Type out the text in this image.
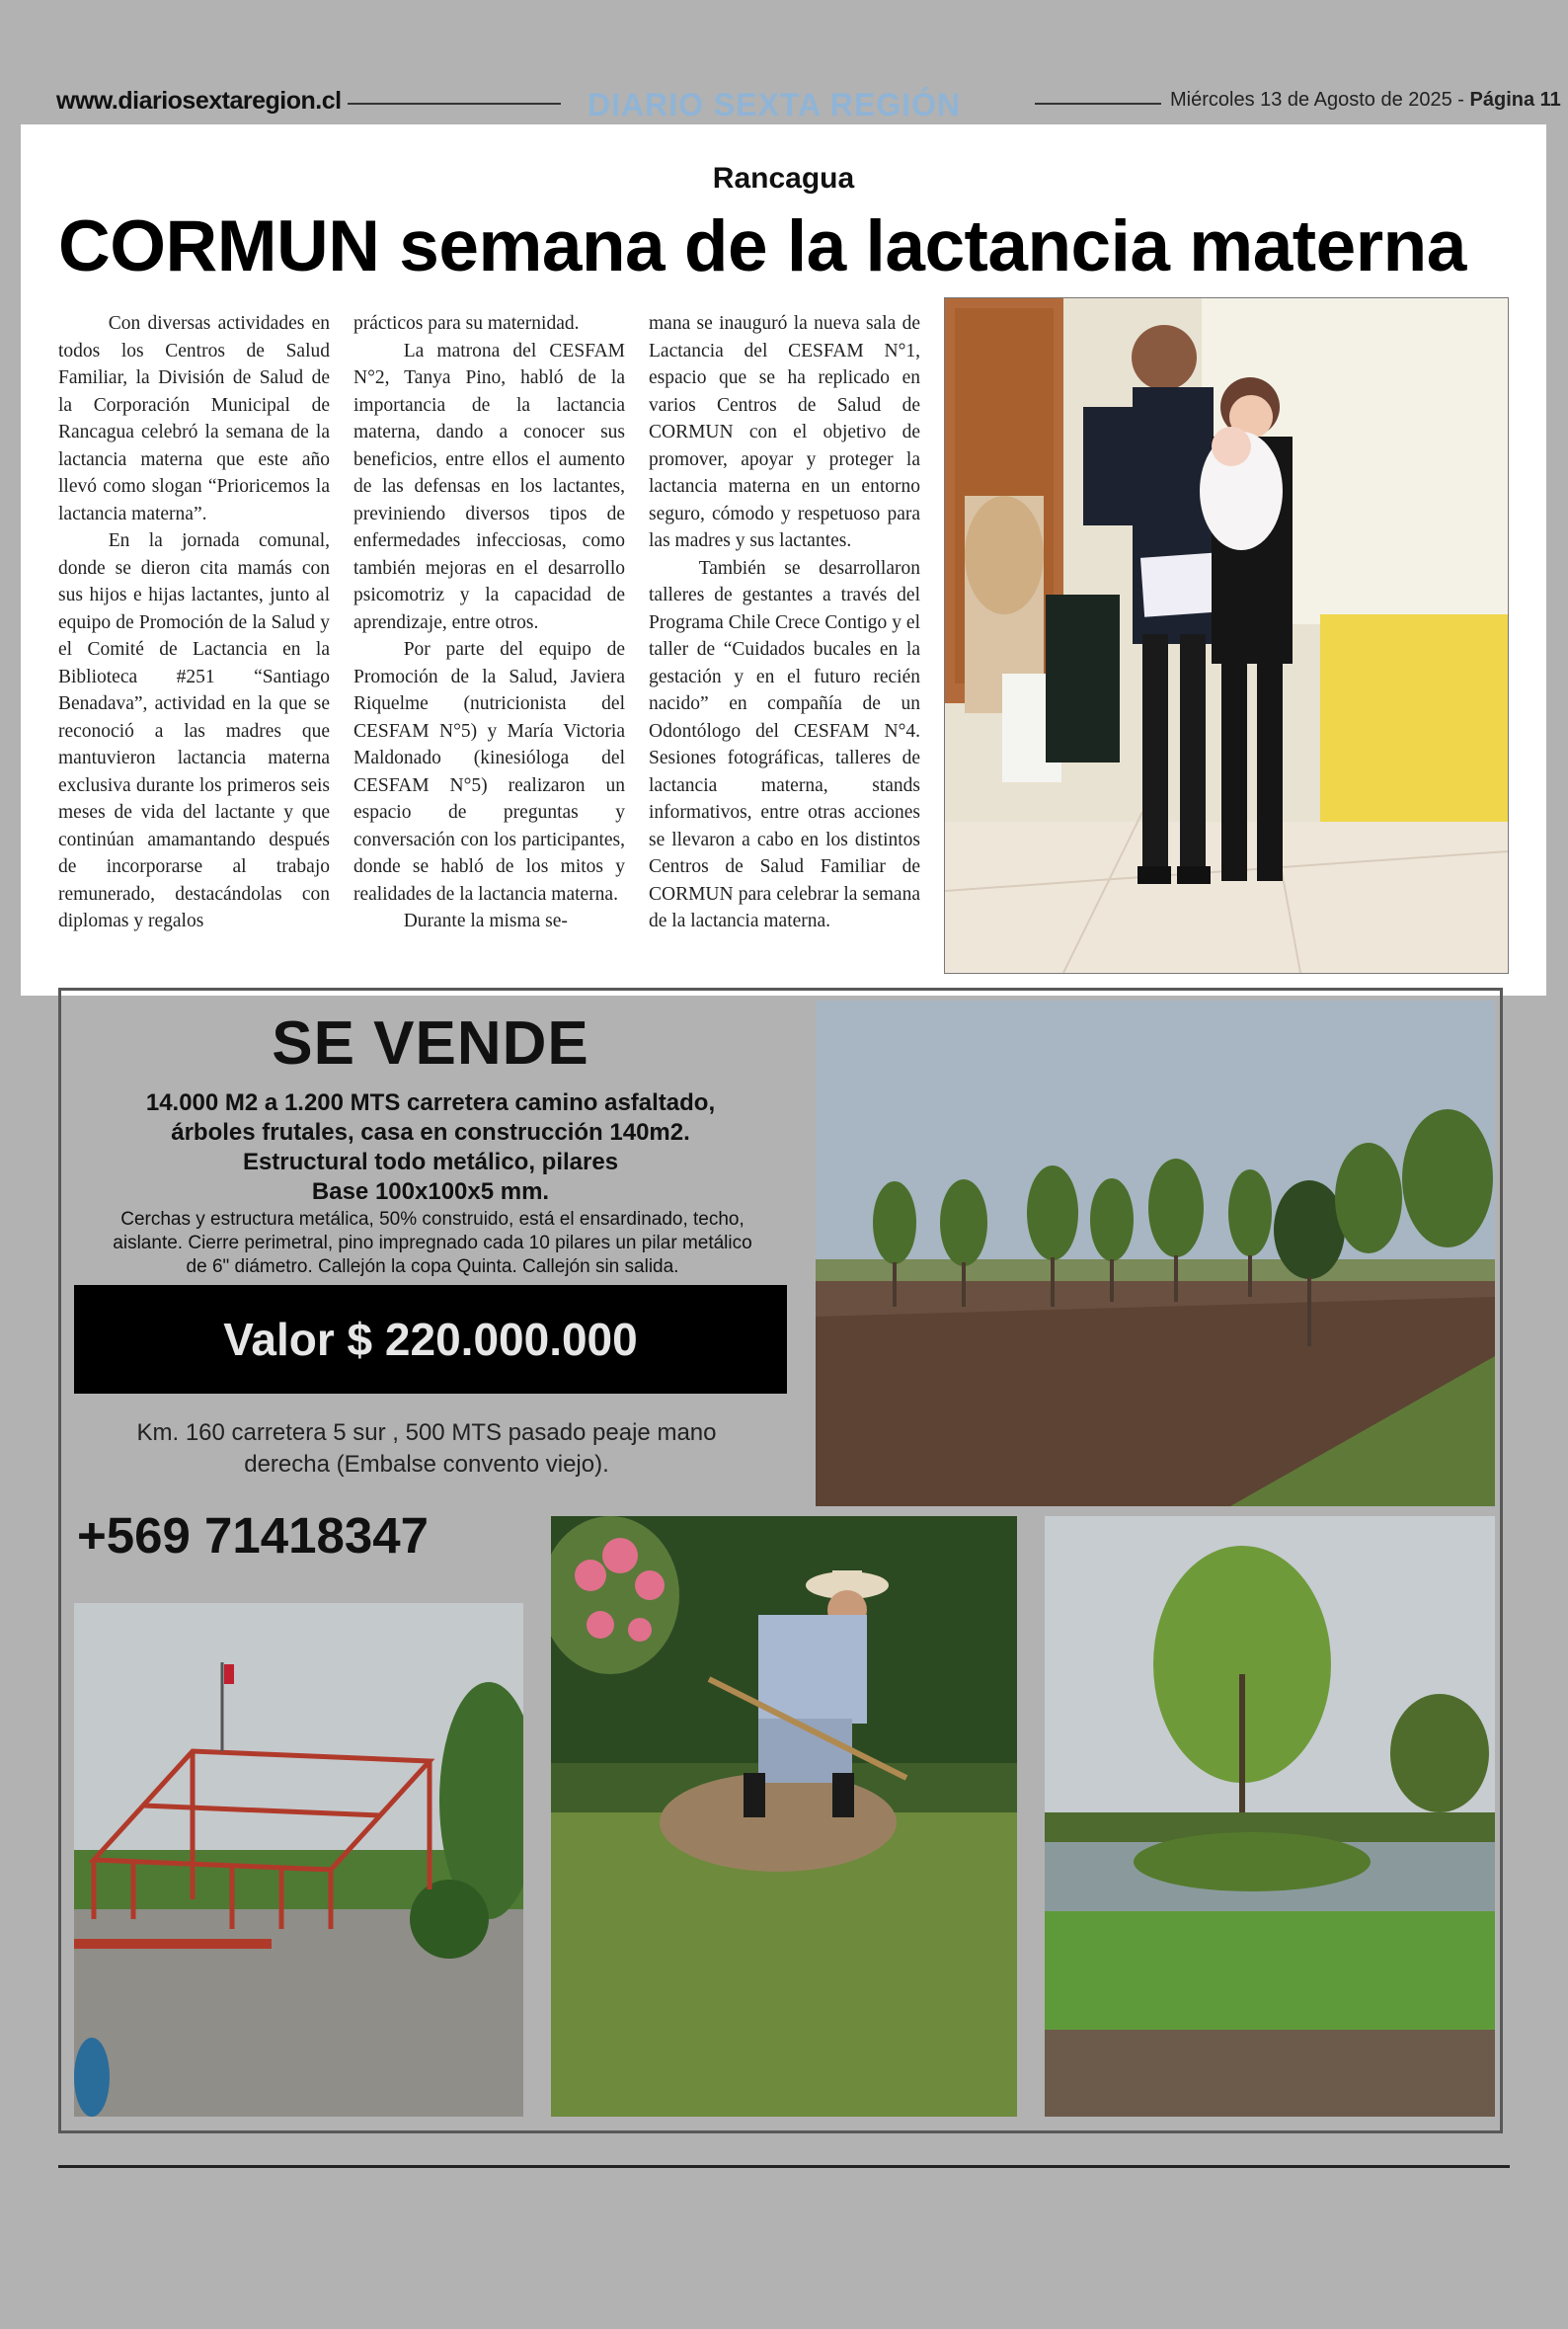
www.diariosextaregion.cl	DIARIO SEXTA REGIÓN	Miércoles 13 de Agosto de 2025 - Página 11
Rancagua
CORMUN semana de la lactancia materna

Con diversas actividades en todos los Centros de Salud Familiar, la División de Salud de la Corporación Municipal de Rancagua celebró la semana de la lactancia materna que este año llevó como slogan “Prioricemos la lactancia materna”.

En la jornada comunal, donde se dieron cita mamás con sus hijos e hijas lactantes, junto al equipo de Promoción de la Salud y el Comité de Lactancia en la Biblioteca #251 “Santiago Benadava”, actividad en la que se reconoció a las madres que mantuvieron lactancia materna exclusiva durante los primeros seis meses de vida del lactante y que continúan amamantando después de incorporarse al trabajo remunerado, destacándolas con diplomas y regalos

prácticos para su maternidad.

La matrona del CESFAM N°2, Tanya Pino, habló de la importancia de la lactancia materna, dando a conocer sus beneficios, entre ellos el aumento de las defensas en los lactantes, previniendo diversos tipos de enfermedades infecciosas, como también mejoras en el desarrollo psicomotriz y la capacidad de aprendizaje, entre otros.

Por parte del equipo de Promoción de la Salud, Javiera Riquelme (nutricionista del CESFAM N°5) y María Victoria Maldonado (kinesióloga del CESFAM N°5) realizaron un espacio de preguntas y conversación con los participantes, donde se habló de los mitos y realidades de la lactancia materna.

Durante la misma se-

mana se inauguró la nueva sala de Lactancia del CESFAM N°1, espacio que se ha replicado en varios Centros de Salud de CORMUN con el objetivo de promover, apoyar y proteger la lactancia materna en un entorno seguro, cómodo y respetuoso para las madres y sus lactantes.

También se desarrollaron talleres de gestantes a través del Programa Chile Crece Contigo y el taller de “Cuidados bucales en la gestación y en el futuro recién nacido” en compañía de un Odontólogo del CESFAM N°4. Sesiones fotográficas, talleres de lactancia materna, stands informativos, entre otras acciones se llevaron a cabo en los distintos Centros de Salud Familiar de CORMUN para celebrar la semana de la lactancia materna.

SE VENDE
14.000 M2 a 1.200 MTS carretera camino asfaltado,
árboles frutales, casa en construcción 140m2.
Estructural todo metálico, pilares
Base 100x100x5 mm.
Cerchas y estructura metálica, 50% construido, está el ensardinado, techo,
aislante. Cierre perimetral, pino impregnado cada 10 pilares un pilar metálico
de 6" diámetro. Callejón la copa Quinta. Callejón sin salida.
Valor $ 220.000.000
Km. 160 carretera 5 sur , 500 MTS pasado peaje mano
derecha (Embalse convento viejo).
+569 71418347
